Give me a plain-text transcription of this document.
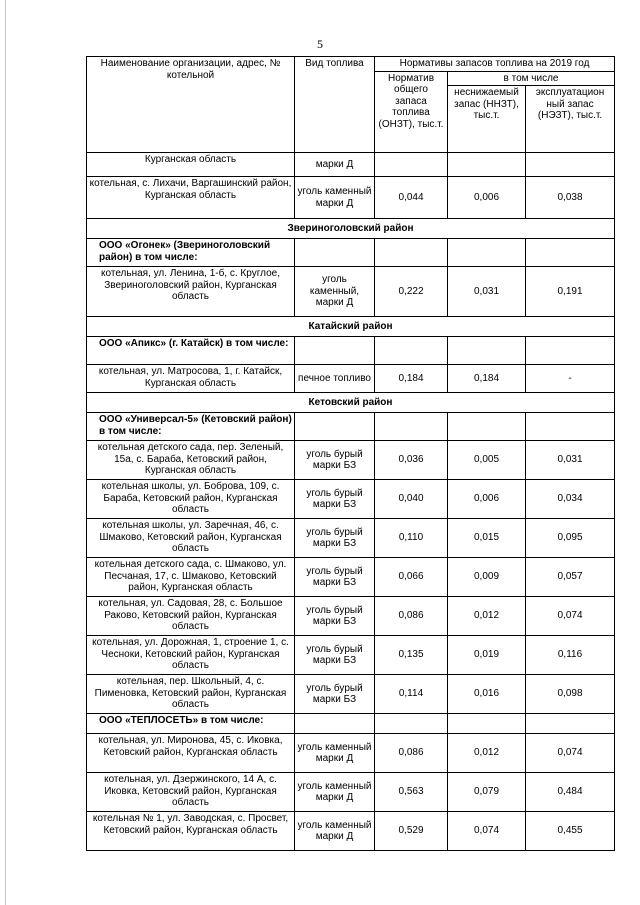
5
Наименование организации, адрес, № котельной	Вид топлива	Нормативы запасов топлива на 2019 год		
		Норматив общего запаса топлива (ОНЗТ), тыс.т.	в том числе	
			неснижаемый запас (ННЗТ), тыс.т.	эксплуатацион ный запас (НЭЗТ), тыс.т.
Курганская область	марки Д			
котельная, с. Лихачи, Варгашинский район, Курганская область	уголь каменный марки Д	0,044	0,006	0,038
Звериноголовский район				
ООО «Огонек» (Звериноголовский район) в том числе:				
котельная, ул. Ленина, 1-б, с. Круглое, Звериноголовский район, Курганская область	уголь каменный, марки Д	0,222	0,031	0,191
Катайский район				
ООО «Апикс» (г. Катайск) в том числе:				
котельная, ул. Матросова, 1, г. Катайск, Курганская область	печное топливо	0,184	0,184	-
Кетовский район				
ООО «Универсал-5» (Кетовский район) в том числе:				
котельная детского сада, пер. Зеленый, 15а, с. Бараба, Кетовский район, Курганская область	уголь бурый марки БЗ	0,036	0,005	0,031
котельная школы, ул. Боброва, 109, с. Бараба, Кетовский район, Курганская область	уголь бурый марки БЗ	0,040	0,006	0,034
котельная школы, ул. Заречная, 46, с. Шмаково, Кетовский район, Курганская область	уголь бурый марки БЗ	0,110	0,015	0,095
котельная детского сада, с. Шмаково, ул. Песчаная, 17, с. Шмаково, Кетовский район, Курганская область	уголь бурый марки БЗ	0,066	0,009	0,057
котельная, ул. Садовая, 28, с. Большое Раково, Кетовский район, Курганская область	уголь бурый марки БЗ	0,086	0,012	0,074
котельная, ул. Дорожная, 1, строение 1, с. Чесноки, Кетовский район, Курганская область	уголь бурый марки БЗ	0,135	0,019	0,116
котельная, пер. Школьный, 4, с. Пименовка, Кетовский район, Курганская область	уголь бурый марки БЗ	0,114	0,016	0,098
ООО «ТЕПЛОСЕТЬ» в том числе:				
котельная, ул. Миронова, 45, с. Иковка, Кетовский район, Курганская область	уголь каменный марки Д	0,086	0,012	0,074
котельная, ул. Дзержинского, 14 А, с. Иковка, Кетовский район, Курганская область	уголь каменный марки Д	0,563	0,079	0,484
котельная № 1, ул. Заводская, с. Просвет, Кетовский район, Курганская область	уголь каменный марки Д	0,529	0,074	0,455
